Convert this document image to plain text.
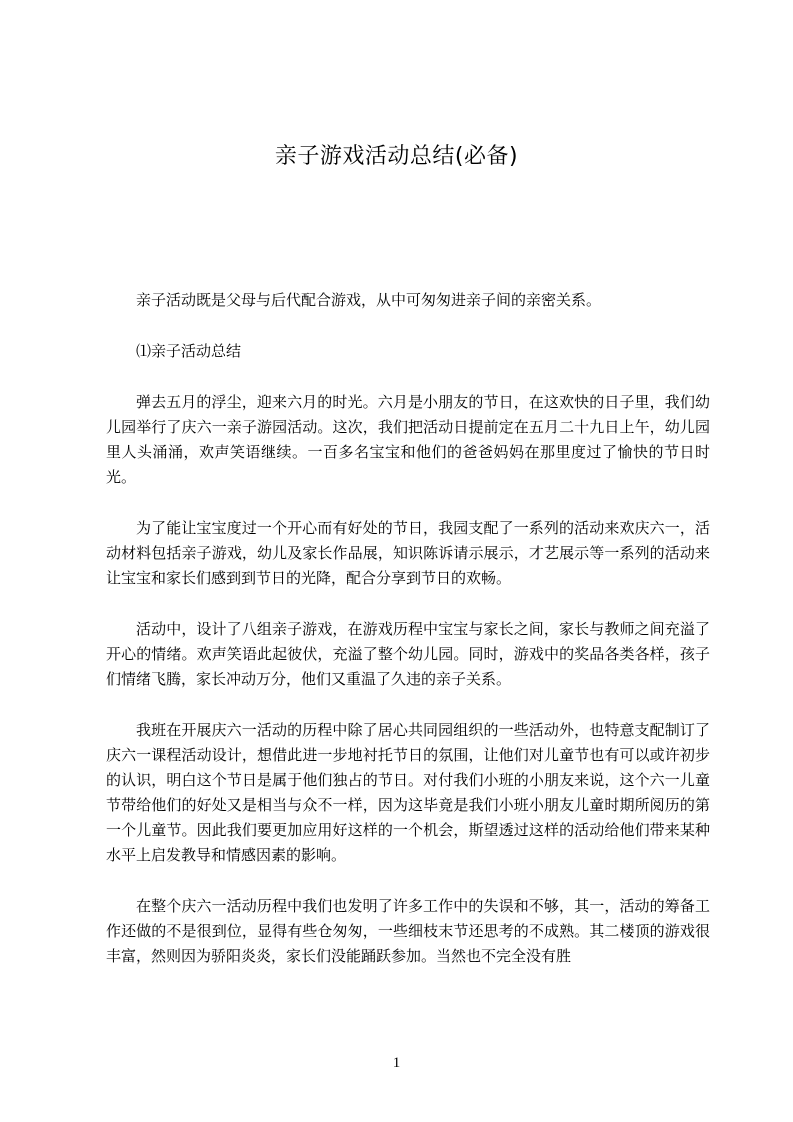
亲子游戏活动总结(必备)

亲子活动既是父母与后代配合游戏，从中可匆匆进亲子间的亲密关系。

⑴亲子活动总结

弹去五月的浮尘，迎来六月的时光。六月是小朋友的节日，在这欢快的日子里，我们幼儿园举行了庆六一亲子游园活动。这次，我们把活动日提前定在五月二十九日上午，幼儿园里人头涌涌，欢声笑语继续。一百多名宝宝和他们的爸爸妈妈在那里度过了愉快的节日时光。

为了能让宝宝度过一个开心而有好处的节日，我园支配了一系列的活动来欢庆六一，活动材料包括亲子游戏，幼儿及家长作品展，知识陈诉请示展示，才艺展示等一系列的活动来让宝宝和家长们感到到节日的光降，配合分享到节日的欢畅。

活动中，设计了八组亲子游戏，在游戏历程中宝宝与家长之间，家长与教师之间充溢了开心的情绪。欢声笑语此起彼伏，充溢了整个幼儿园。同时，游戏中的奖品各类各样，孩子们情绪飞腾，家长冲动万分，他们又重温了久违的亲子关系。

我班在开展庆六一活动的历程中除了居心共同园组织的一些活动外，也特意支配制订了庆六一课程活动设计，想借此进一步地衬托节日的氛围，让他们对儿童节也有可以或许初步的认识，明白这个节日是属于他们独占的节日。对付我们小班的小朋友来说，这个六一儿童节带给他们的好处又是相当与众不一样，因为这毕竟是我们小班小朋友儿童时期所阅历的第一个儿童节。因此我们要更加应用好这样的一个机会，斯望透过这样的活动给他们带来某种水平上启发教导和情感因素的影响。

在整个庆六一活动历程中我们也发明了许多工作中的失误和不够，其一，活动的筹备工作还做的不是很到位，显得有些仓匆匆，一些细枝末节还思考的不成熟。其二楼顶的游戏很丰富，然则因为骄阳炎炎，家长们没能踊跃参加。当然也不完全没有胜

1
